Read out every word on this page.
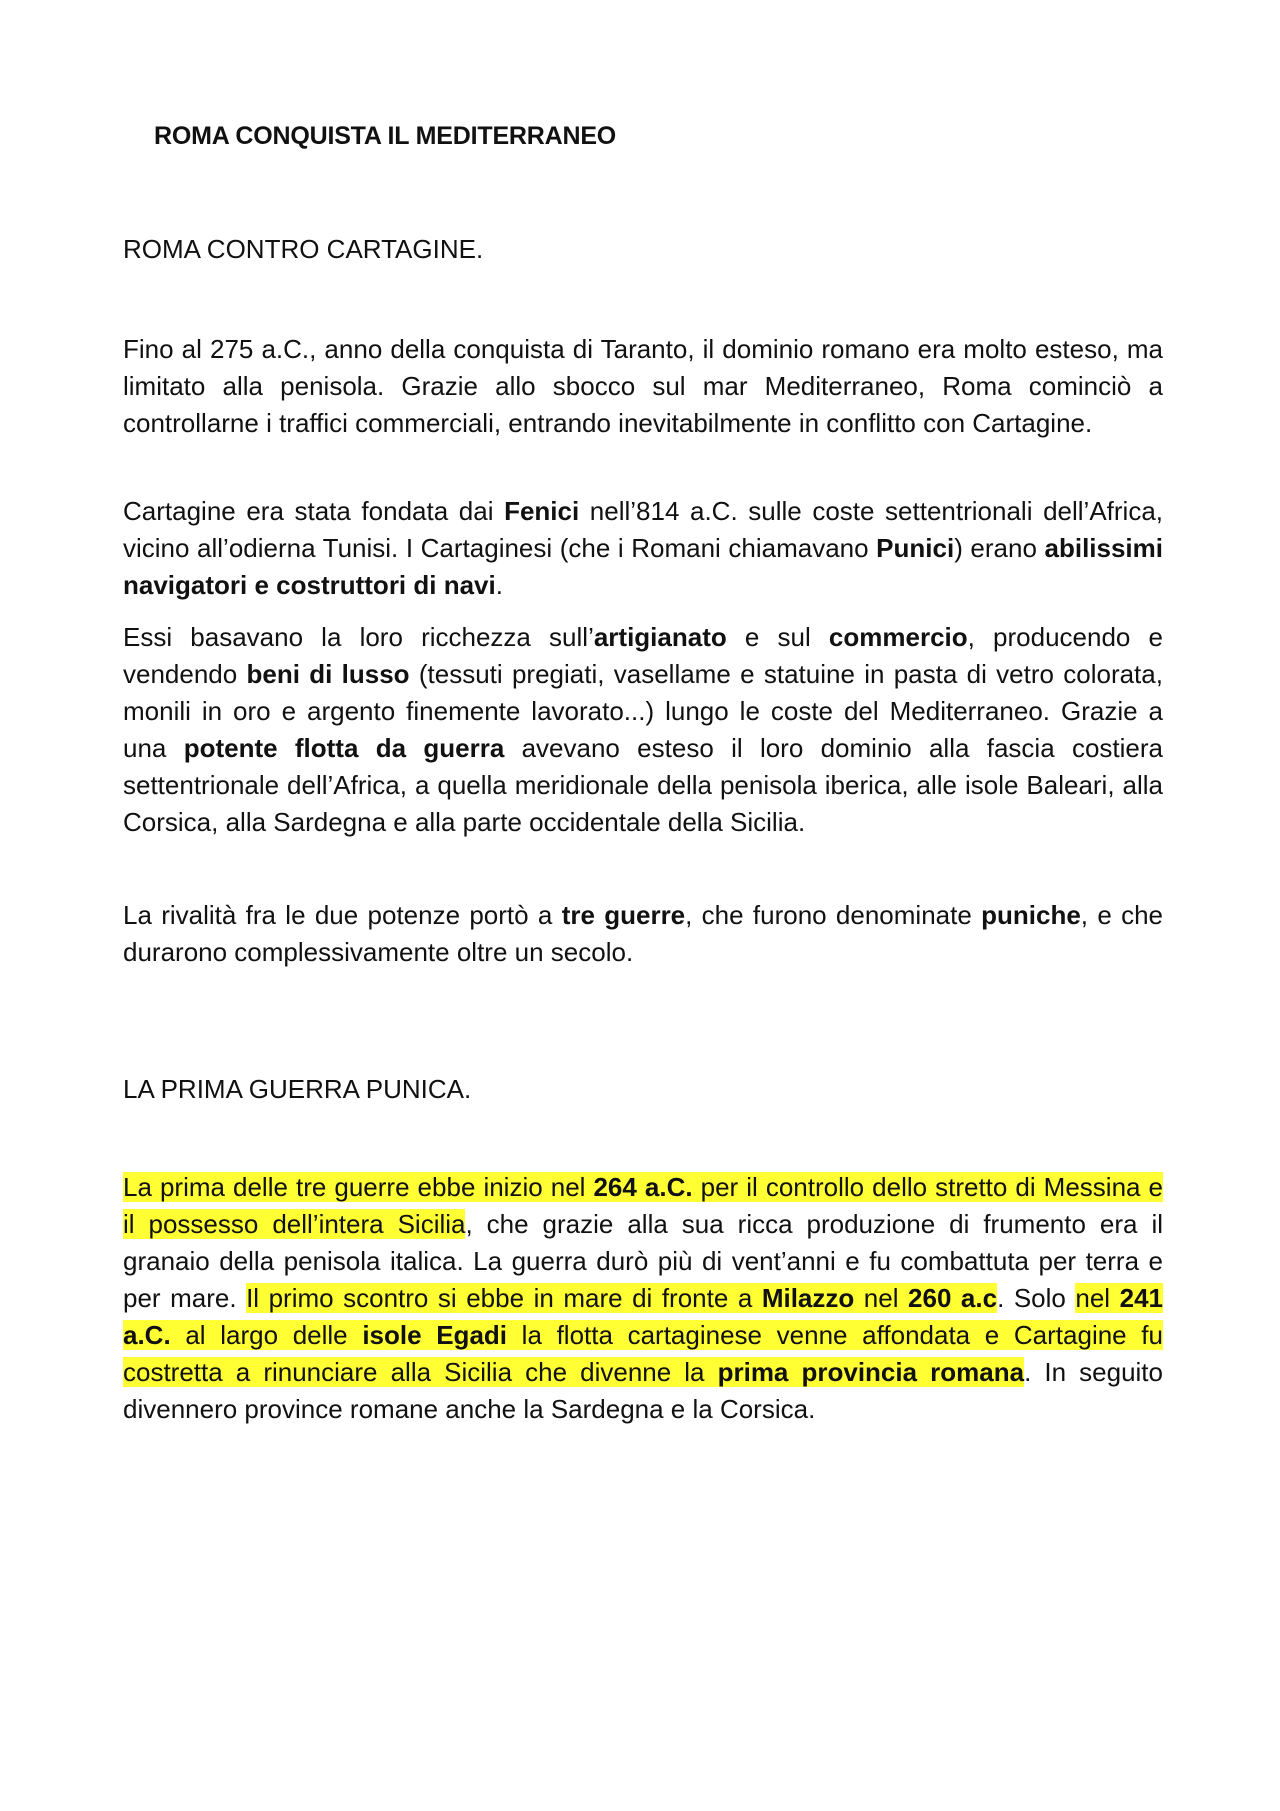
ROMA CONQUISTA IL MEDITERRANEO
ROMA CONTRO CARTAGINE.

Fino al 275 a.C., anno della conquista di Taranto, il dominio romano era molto esteso, ma limitato alla penisola. Grazie allo sbocco sul mar Mediterraneo, Roma cominciò a controllarne i traffici commerciali, entrando inevitabilmente in conflitto con Cartagine.

Cartagine era stata fondata dai Fenici nell’814 a.C. sulle coste settentrionali dell’Africa, vicino all’odierna Tunisi. I Cartaginesi (che i Romani chiamavano Punici) erano abilissimi navigatori e costruttori di navi.

Essi basavano la loro ricchezza sull’artigianato e sul commercio, producendo e vendendo beni di lusso (tessuti pregiati, vasellame e statuine in pasta di vetro colorata, monili in oro e argento finemente lavorato...) lungo le coste del Mediterraneo. Grazie a una potente flotta da guerra avevano esteso il loro dominio alla fascia costiera settentrionale dell’Africa, a quella meridionale della penisola iberica, alle isole Baleari, alla Corsica, alla Sardegna e alla parte occidentale della Sicilia.

La rivalità fra le due potenze portò a tre guerre, che furono denominate puniche, e che durarono complessivamente oltre un secolo.

LA PRIMA GUERRA PUNICA.

La prima delle tre guerre ebbe inizio nel 264 a.C. per il controllo dello stretto di Messina e il possesso dell’intera Sicilia, che grazie alla sua ricca produzione di frumento era il granaio della penisola italica. La guerra durò più di vent’anni e fu combattuta per terra e per mare. Il primo scontro si ebbe in mare di fronte a Milazzo nel 260 a.c. Solo nel 241 a.C. al largo delle isole Egadi la flotta cartaginese venne affondata e Cartagine fu costretta a rinunciare alla Sicilia che divenne la prima provincia romana. In seguito divennero province romane anche la Sardegna e la Corsica.
